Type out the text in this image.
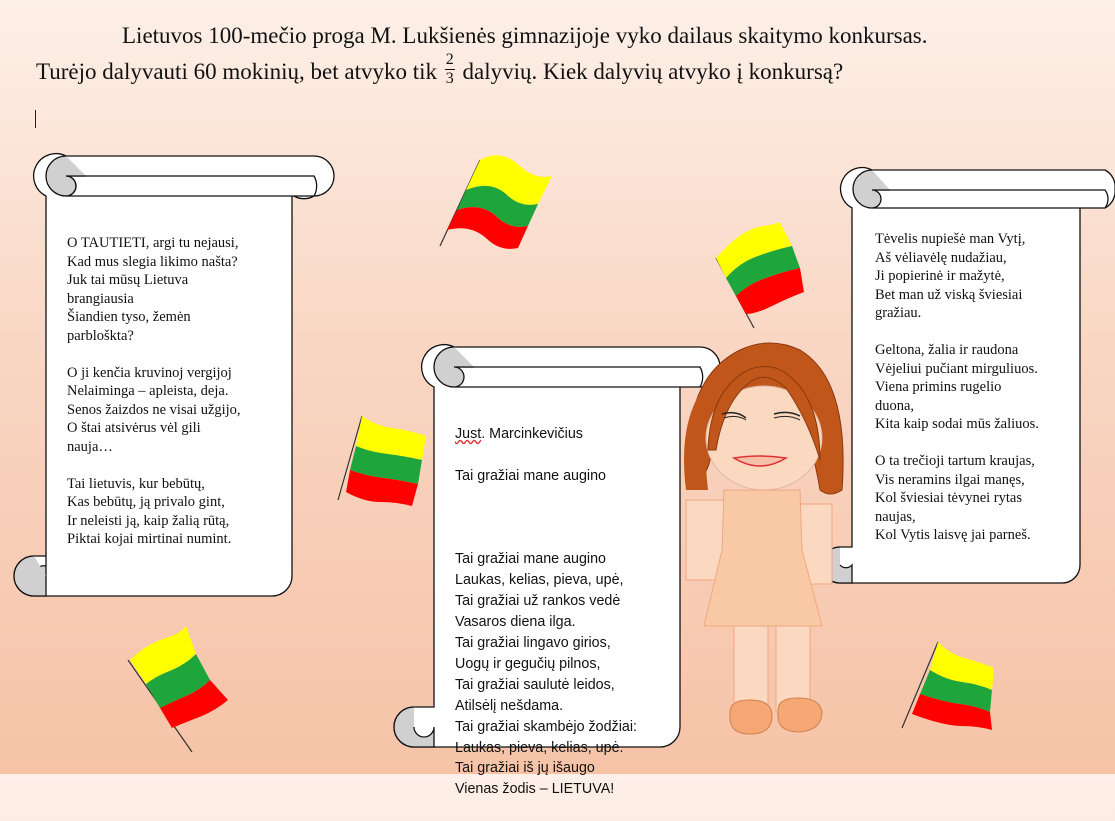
Lietuvos 100-mečio proga M. Lukšienės gimnazijoje vyko dailaus skaitymo konkursas.
Turėjo dalyvauti 60 mokinių, bet atvyko tik $\frac{2}{3}$ dalyvių. Kiek dalyvių atvyko į konkursą?
O TAUTIETI, argi tu nejausi,
Kad mus slegia likimo našta?
Juk tai mūsų Lietuva
brangiausia
Šiandien tyso, žemėn
parbloškta?

O ji kenčia kruvinoj vergijoj
Nelaiminga – apleista, deja.
Senos žaizdos ne visai užgijo,
O štai atsivėrus vėl gili
nauja…

Tai lietuvis, kur bebūtų,
Kas bebūtų, ją privalo gint,
Ir neleisti ją, kaip žalią rūtą,
Piktai kojai mirtinai numint.

Just. Marcinkevičius

Tai gražiai mane augino

Tai gražiai mane augino
Laukas, kelias, pieva, upė,
Tai gražiai už rankos vedė
Vasaros diena ilga.
Tai gražiai lingavo girios,
Uogų ir gegučių pilnos,
Tai gražiai saulutė leidos,
Atilsėlį nešdama.
Tai gražiai skambėjo žodžiai:
Laukas, pieva, kelias, upė.
Tai gražiai iš jų išaugo
Vienas žodis – LIETUVA!

Tėvelis nupiešė man Vytį,
Aš vėliavėlę nudažiau,
Ji popierinė ir mažytė,
Bet man už viską šviesiai
gražiau.

Geltona, žalia ir raudona
Vėjeliui pučiant mirguliuos.
Viena primins rugelio
duona,
Kita kaip sodai mūs žaliuos.

O ta trečioji tartum kraujas,
Vis neramins ilgai manęs,
Kol šviesiai tėvynei rytas
naujas,
Kol Vytis laisvę jai parneš.
